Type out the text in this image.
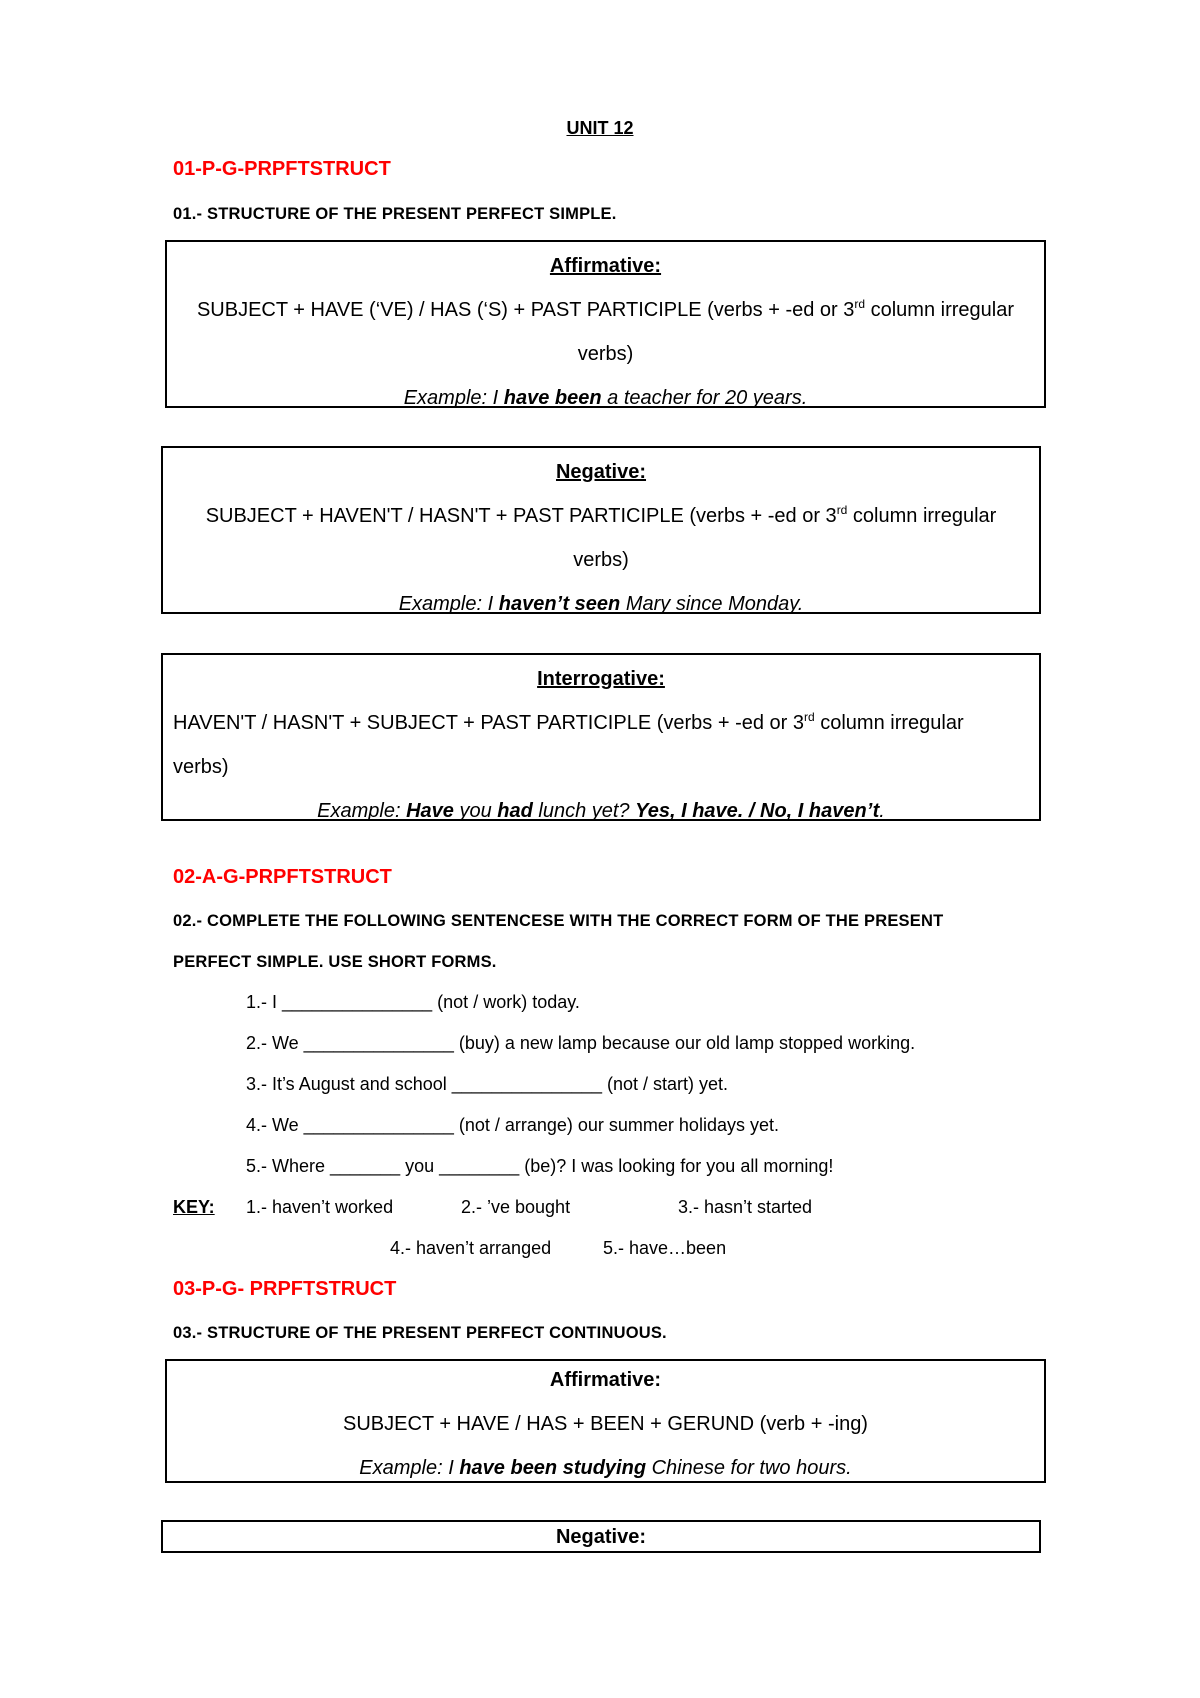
UNIT 12
01-P-G-PRPFTSTRUCT
01.- STRUCTURE OF THE PRESENT PERFECT SIMPLE.
Affirmative:
SUBJECT + HAVE (‘VE) / HAS (‘S) + PAST PARTICIPLE (verbs + -ed or 3rd column irregular
verbs)
Example: I have been a teacher for 20 years.
Negative:
SUBJECT + HAVEN'T / HASN'T + PAST PARTICIPLE (verbs + -ed or 3rd column irregular
verbs)
Example: I haven’t seen Mary since Monday.
Interrogative:
HAVEN'T / HASN'T + SUBJECT + PAST PARTICIPLE (verbs + -ed or 3rd column irregular
verbs)
Example: Have you had lunch yet? Yes, I have. / No, I haven’t.
02-A-G-PRPFTSTRUCT
02.- COMPLETE THE FOLLOWING SENTENCESE WITH THE CORRECT FORM OF THE PRESENT
PERFECT SIMPLE. USE SHORT FORMS.
1.- I _______________ (not / work) today.
2.- We _______________ (buy) a new lamp because our old lamp stopped working.
3.- It’s August and school _______________ (not / start) yet.
4.- We _______________ (not / arrange) our summer holidays yet.
5.- Where _______ you ________ (be)? I was looking for you all morning!
KEY: 1.- haven’t worked	2.- ’ve bought	3.- hasn’t started
4.- haven’t arranged	5.- have…been
03-P-G- PRPFTSTRUCT
03.- STRUCTURE OF THE PRESENT PERFECT CONTINUOUS.
Affirmative:
SUBJECT + HAVE / HAS + BEEN + GERUND (verb + -ing)
Example: I have been studying Chinese for two hours.
Negative:
